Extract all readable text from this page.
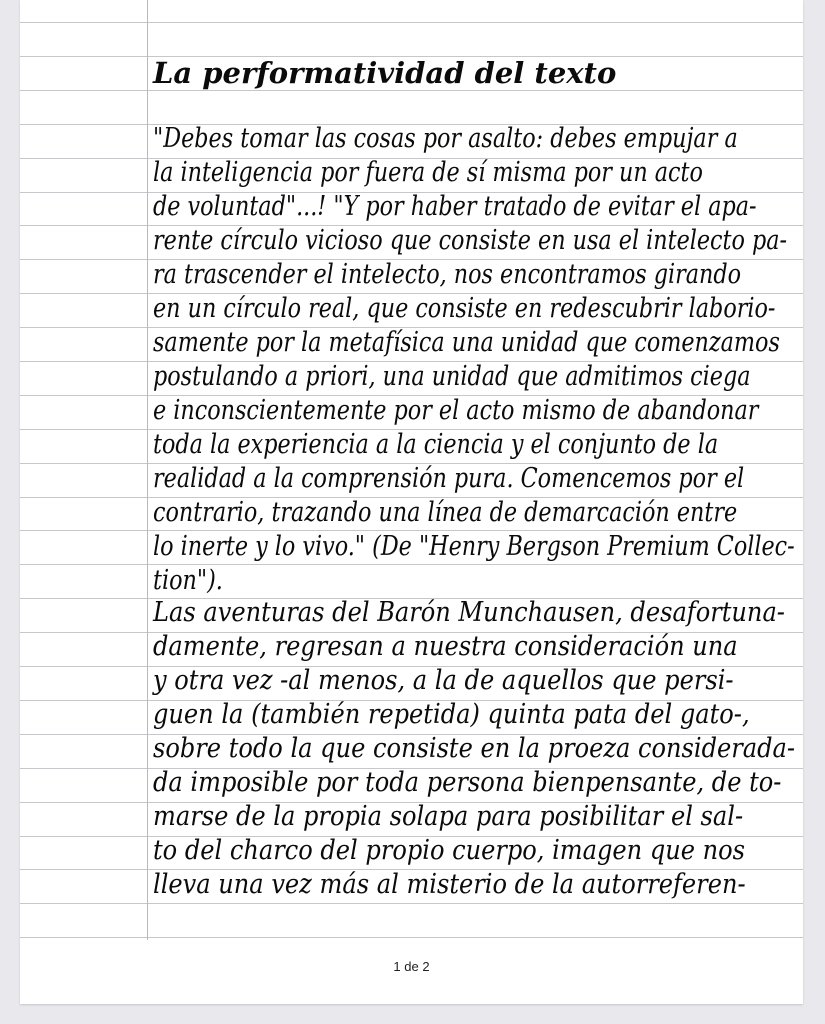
La performatividad del texto
"Debes tomar las cosas por asalto: debes empujar a
la inteligencia por fuera de sí misma por un acto
de voluntad"...! "Y por haber tratado de evitar el apa-
rente círculo vicioso que consiste en usa el intelecto pa-
ra trascender el intelecto, nos encontramos girando
en un círculo real, que consiste en redescubrir laborio-
samente por la metafísica una unidad que comenzamos
postulando a priori, una unidad que admitimos ciega
e inconscientemente por el acto mismo de abandonar
toda la experiencia a la ciencia y el conjunto de la
realidad a la comprensión pura. Comencemos por el
contrario, trazando una línea de demarcación entre
lo inerte y lo vivo." (De "Henry Bergson Premium Collec-
tion").
Las aventuras del Barón Munchausen, desafortuna-
damente, regresan a nuestra consideración una
y otra vez -al menos, a la de aquellos que persi-
guen la (también repetida) quinta pata del gato-,
sobre todo la que consiste en la proeza considerada-
da imposible por toda persona bienpensante, de to-
marse de la propia solapa para posibilitar el sal-
to del charco del propio cuerpo, imagen que nos
lleva una vez más al misterio de la autorreferen-
1 de 2
